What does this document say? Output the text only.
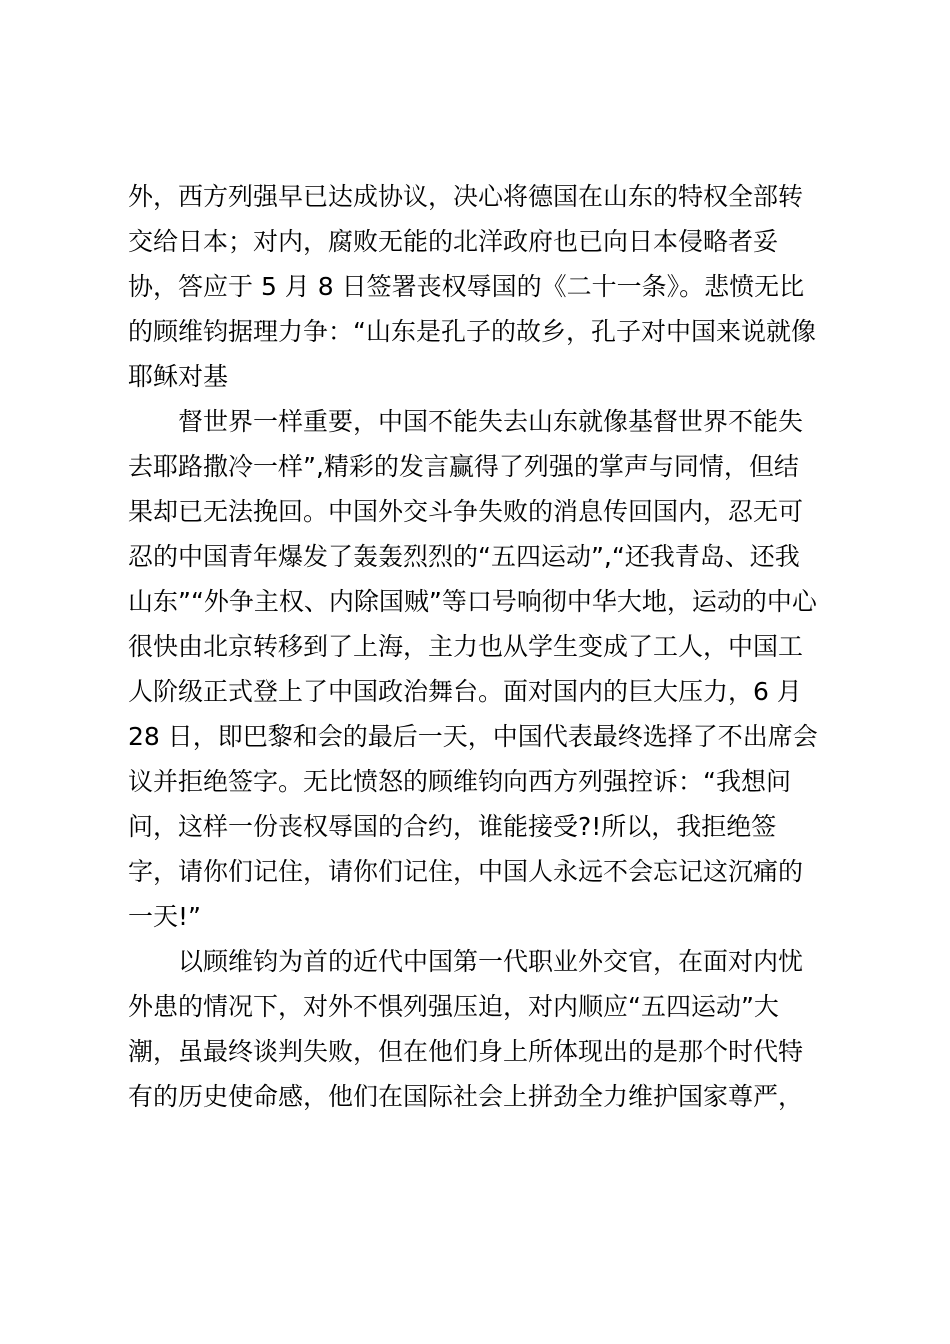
外，西方列强早已达成协议，决心将德国在山东的特权全部转
交给日本；对内，腐败无能的北洋政府也已向日本侵略者妥
协，答应于 5 月 8 日签署丧权辱国的《二十一条》。悲愤无比
的顾维钧据理力争：“山东是孔子的故乡，孔子对中国来说就像
耶稣对基
督世界一样重要，中国不能失去山东就像基督世界不能失
去耶路撒冷一样”,精彩的发言赢得了列强的掌声与同情，但结
果却已无法挽回。中国外交斗争失败的消息传回国内，忍无可
忍的中国青年爆发了轰轰烈烈的“五四运动”,“还我青岛、还我
山东”“外争主权、内除国贼”等口号响彻中华大地，运动的中心
很快由北京转移到了上海，主力也从学生变成了工人，中国工
人阶级正式登上了中国政治舞台。面对国内的巨大压力，6 月
28 日，即巴黎和会的最后一天，中国代表最终选择了不出席会
议并拒绝签字。无比愤怒的顾维钧向西方列强控诉：“我想问
问，这样一份丧权辱国的合约，谁能接受?!所以，我拒绝签
字，请你们记住，请你们记住，中国人永远不会忘记这沉痛的
一天!”
以顾维钧为首的近代中国第一代职业外交官，在面对内忧
外患的情况下，对外不惧列强压迫，对内顺应“五四运动”大
潮，虽最终谈判失败，但在他们身上所体现出的是那个时代特
有的历史使命感，他们在国际社会上拼劲全力维护国家尊严，
